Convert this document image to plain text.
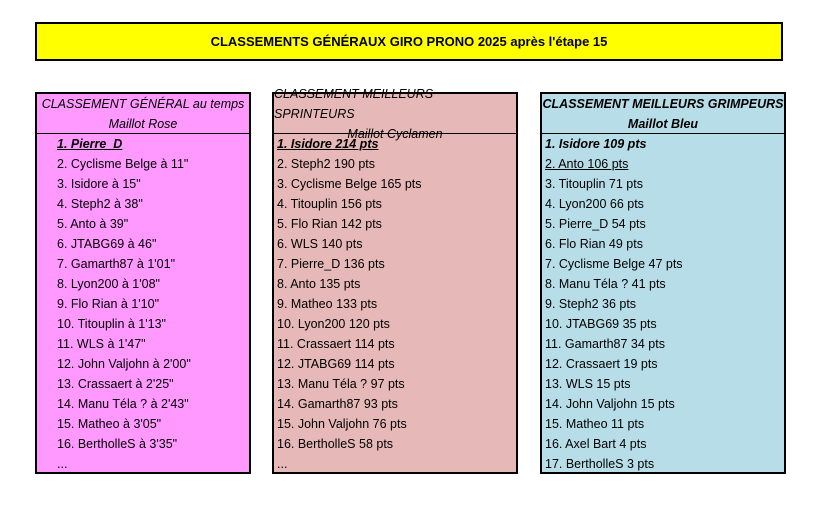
CLASSEMENTS GÉNÉRAUX GIRO PRONO 2025 après l'étape 15
CLASSEMENT GÉNÉRAL au temps
Maillot Rose
1. Pierre_D
2. Cyclisme Belge à 11"
3. Isidore à 15"
4. Steph2 à 38"
5. Anto à 39"
6. JTABG69 à 46"
7. Gamarth87 à 1'01"
8. Lyon200 à 1'08"
9. Flo Rian à 1'10"
10. Titouplin à 1'13"
11. WLS à 1'47"
12. John Valjohn à 2'00"
13. Crassaert à 2'25"
14. Manu Téla ? à 2'43"
15. Matheo à 3'05"
16. BertholleS à 3'35"
...
CLASSEMENT MEILLEURS SPRINTEURS
Maillot Cyclamen
1. Isidore 214 pts
2. Steph2 190 pts
3. Cyclisme Belge 165 pts
4. Titouplin 156 pts
5. Flo Rian 142 pts
6. WLS 140 pts
7. Pierre_D 136 pts
8. Anto 135 pts
9. Matheo 133 pts
10. Lyon200 120 pts
11. Crassaert 114 pts
12. JTABG69 114 pts
13. Manu Téla ? 97 pts
14. Gamarth87 93 pts
15. John Valjohn 76 pts
16. BertholleS 58 pts
...
CLASSEMENT MEILLEURS GRIMPEURS
Maillot Bleu
1. Isidore 109 pts
2. Anto 106 pts
3. Titouplin 71 pts
4. Lyon200 66 pts
5. Pierre_D 54 pts
6. Flo Rian 49 pts
7. Cyclisme Belge 47 pts
8. Manu Téla ? 41 pts
9. Steph2 36 pts
10. JTABG69 35 pts
11. Gamarth87 34 pts
12. Crassaert 19 pts
13. WLS 15 pts
14. John Valjohn 15 pts
15. Matheo 11 pts
16. Axel Bart 4 pts
17. BertholleS 3 pts
